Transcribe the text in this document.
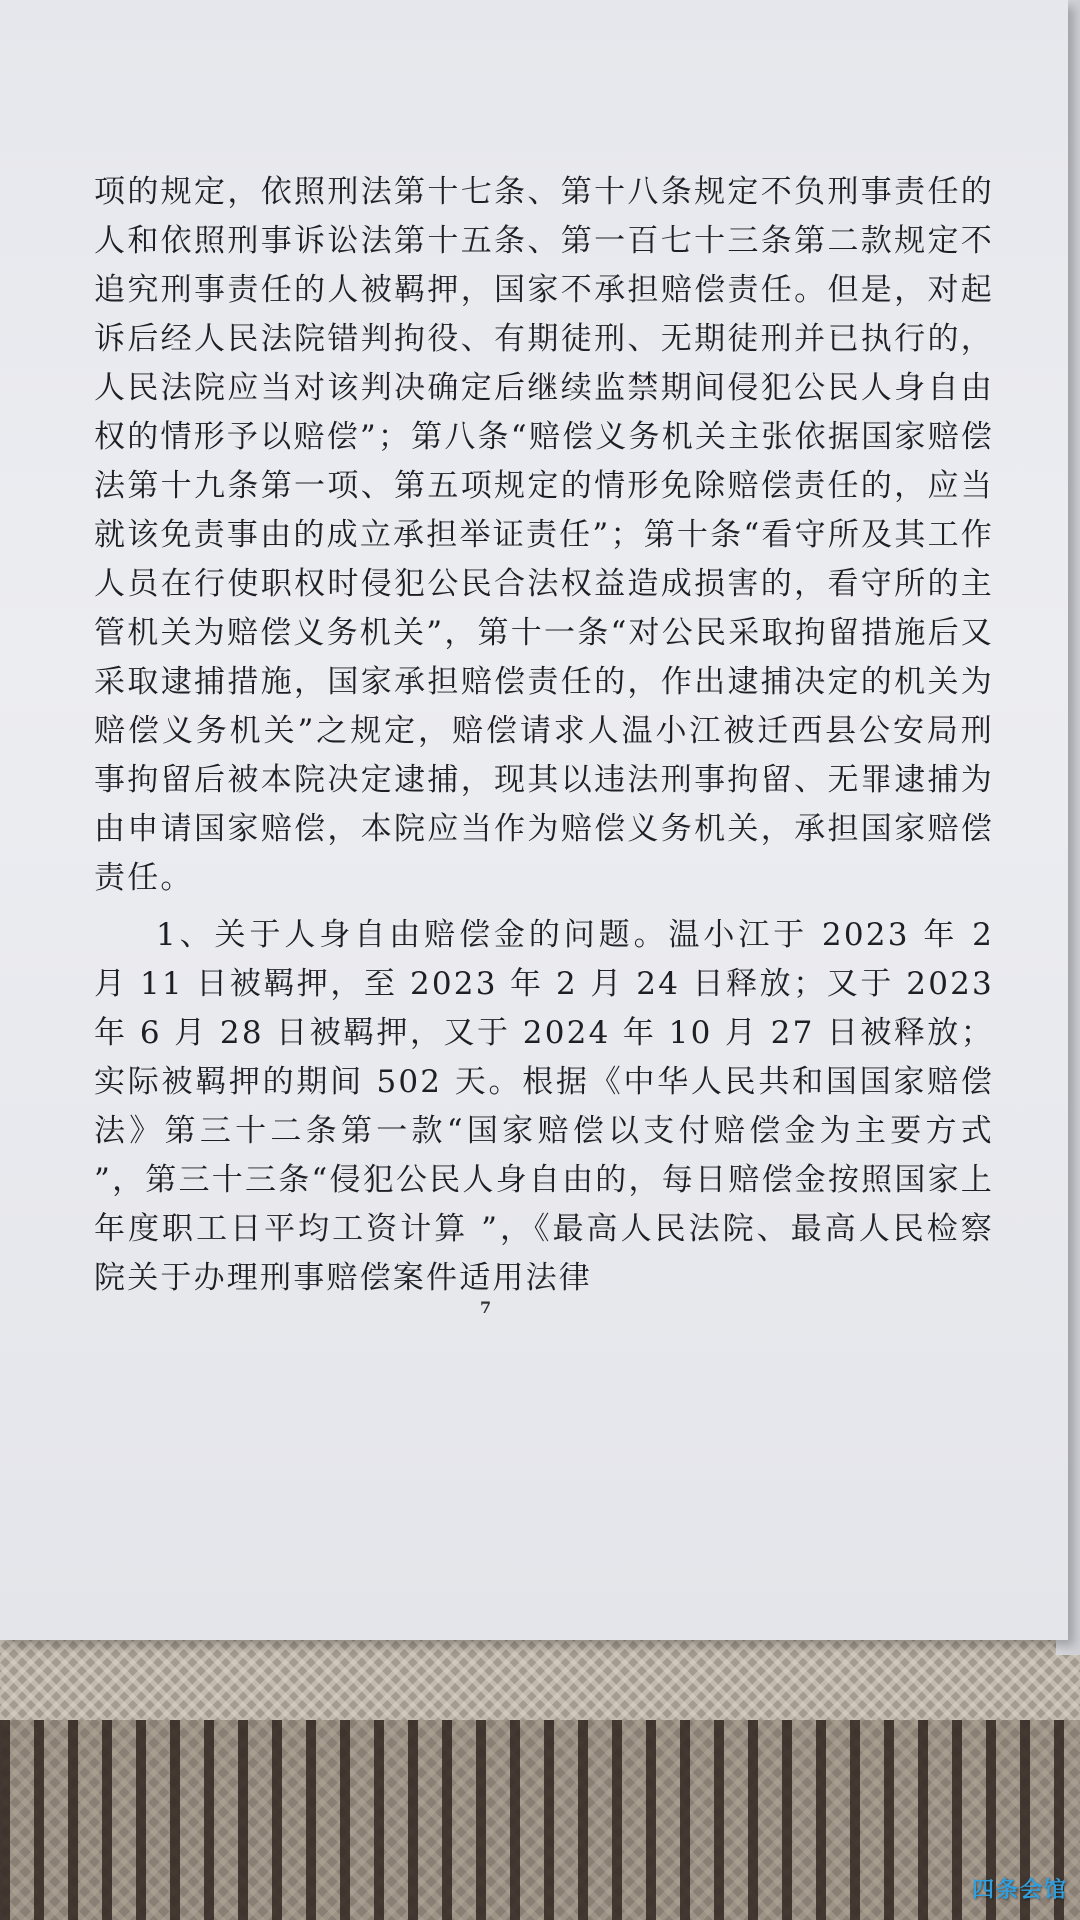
项的规定，依照刑法第十七条、第十八条规定不负刑事责任的人和依照刑事诉讼法第十五条、第一百七十三条第二款规定不追究刑事责任的人被羁押，国家不承担赔偿责任。但是，对起诉后经人民法院错判拘役、有期徒刑、无期徒刑并已执行的，人民法院应当对该判决确定后继续监禁期间侵犯公民人身自由权的情形予以赔偿”；第八条“赔偿义务机关主张依据国家赔偿法第十九条第一项、第五项规定的情形免除赔偿责任的，应当就该免责事由的成立承担举证责任”；第十条“看守所及其工作人员在行使职权时侵犯公民合法权益造成损害的，看守所的主管机关为赔偿义务机关”，第十一条“对公民采取拘留措施后又采取逮捕措施，国家承担赔偿责任的，作出逮捕决定的机关为赔偿义务机关”之规定，赔偿请求人温小江被迁西县公安局刑事拘留后被本院决定逮捕，现其以违法刑事拘留、无罪逮捕为由申请国家赔偿，本院应当作为赔偿义务机关，承担国家赔偿责任。

1、关于人身自由赔偿金的问题。温小江于 2023 年 2 月 11 日被羁押，至 2023 年 2 月 24 日释放；又于 2023 年 6 月 28 日被羁押，又于 2024 年 10 月 27 日被释放；实际被羁押的期间 502 天。根据《中华人民共和国国家赔偿法》第三十二条第一款“国家赔偿以支付赔偿金为主要方式 ”，第三十三条“侵犯公民人身自由的，每日赔偿金按照国家上年度职工日平均工资计算 ”，《最高人民法院、最高人民检察院关于办理刑事赔偿案件适用法律

7
四条会馆
